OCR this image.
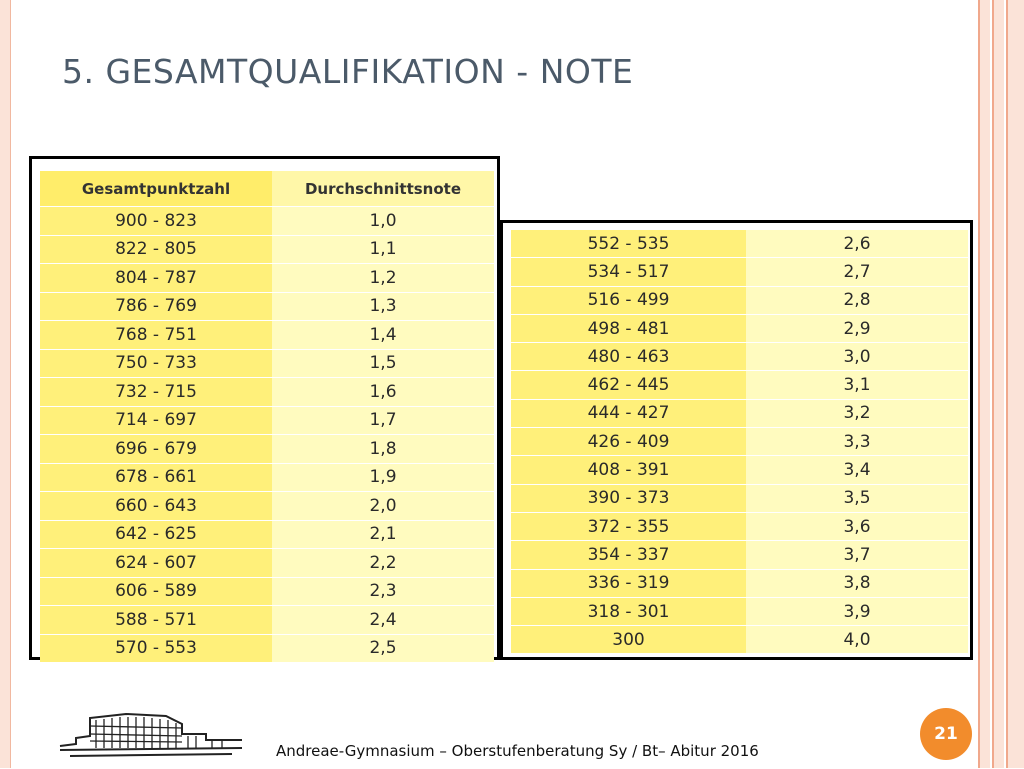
5. GESAMTQUALIFIKATION - NOTE
Gesamtpunktzahl	Durchschnittsnote
900 - 823	1,0
822 - 805	1,1
804 - 787	1,2
786 - 769	1,3
768 - 751	1,4
750 - 733	1,5
732 - 715	1,6
714 - 697	1,7
696 - 679	1,8
678 - 661	1,9
660 - 643	2,0
642 - 625	2,1
624 - 607	2,2
606 - 589	2,3
588 - 571	2,4
570 - 553	2,5
552 - 535	2,6
534 - 517	2,7
516 - 499	2,8
498 - 481	2,9
480 - 463	3,0
462 - 445	3,1
444 - 427	3,2
426 - 409	3,3
408 - 391	3,4
390 - 373	3,5
372 - 355	3,6
354 - 337	3,7
336 - 319	3,8
318 - 301	3,9
300	4,0
Andreae-Gymnasium – Oberstufenberatung Sy / Bt– Abitur 2016
21
